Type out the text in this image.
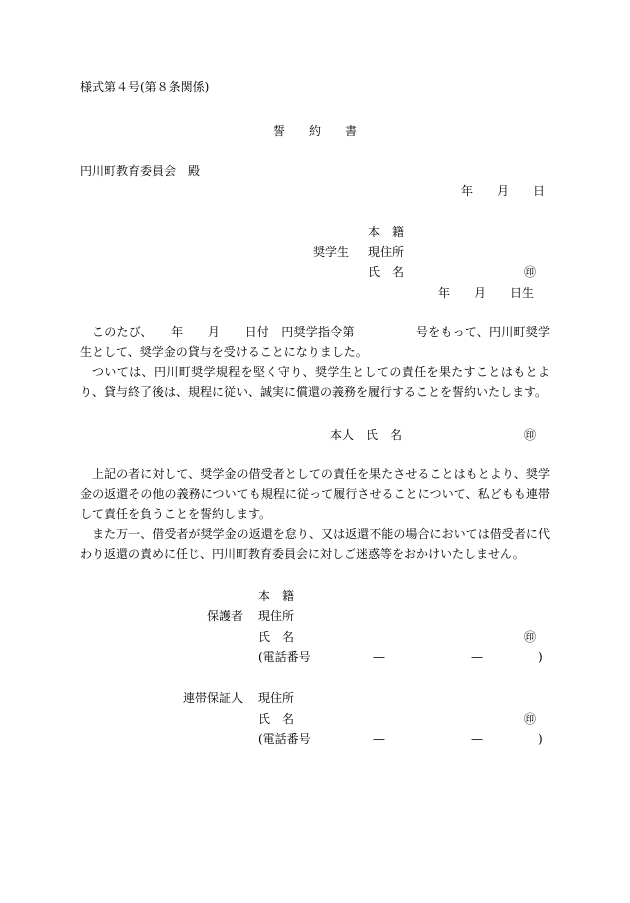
様式第４号(第８条関係)
誓　　約　　書
円川町教育委員会　殿
年　　月　　日
本　籍
奨学生 現住所
氏　名	㊞
年　　月　　日生

このたび、　　年　　月　　日付　円奨学指令第　　　　　号をもって、円川町奨学生として、奨学金の貸与を受けることになりました。

ついては、円川町奨学規程を堅く守り、奨学生としての責任を果たすことはもとより、貸与終了後は、規程に従い、誠実に償還の義務を履行することを誓約いたします。

本人　氏　名	㊞

上記の者に対して、奨学金の借受者としての責任を果たさせることはもとより、奨学金の返還その他の義務についても規程に従って履行させることについて、私どもも連帯して責任を負うことを誓約します。

また万一、借受者が奨学金の返還を怠り、又は返還不能の場合においては借受者に代わり返還の責めに任じ、円川町教育委員会に対しご迷惑等をおかけいたしません。

本　籍
保護者 現住所
氏　名	㊞
(電話番号	—	—	)
連帯保証人 現住所
氏　名	㊞
(電話番号	—	—	)
